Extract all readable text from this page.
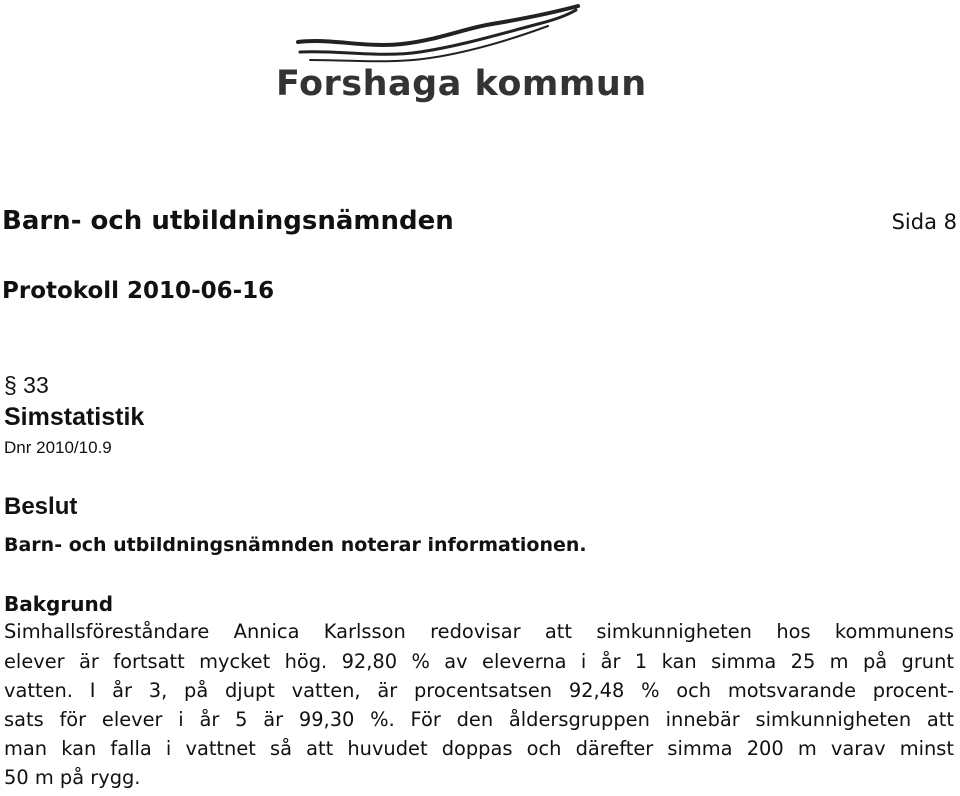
Forshaga kommun
Barn- och utbildningsnämnden	Sida 8
Protokoll 2010-06-16
§ 33
Simstatistik
Dnr 2010/10.9
Beslut
Barn- och utbildningsnämnden noterar informationen.
Bakgrund
Simhallsföreståndare Annica Karlsson redovisar att simkunnigheten hos kommunens
elever är fortsatt mycket hög. 92,80 % av eleverna i år 1 kan simma 25 m på grunt
vatten. I år 3, på djupt vatten, är procentsatsen 92,48 % och motsvarande procent-
sats för elever i år 5 är 99,30 %. För den åldersgruppen innebär simkunnigheten att
man kan falla i vattnet så att huvudet doppas och därefter simma 200 m varav minst
50 m på rygg.
